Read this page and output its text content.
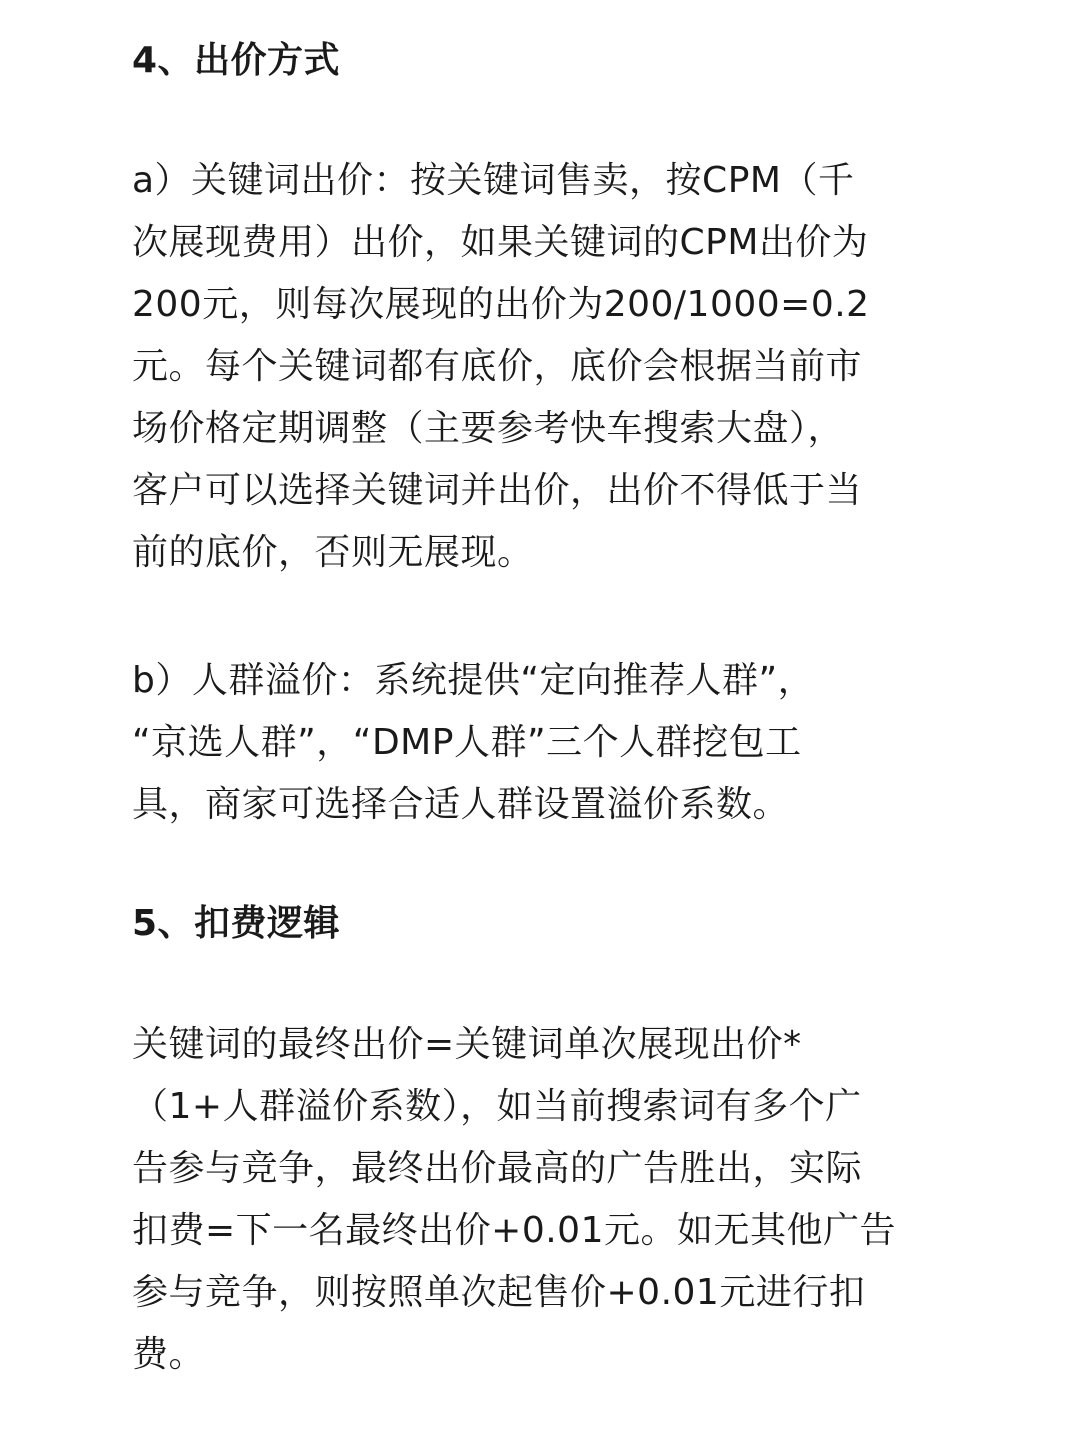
4、出价方式
a）关键词出价：按关键词售卖，按CPM（千
次展现费用）出价，如果关键词的CPM出价为
200元，则每次展现的出价为200/1000=0.2
元。每个关键词都有底价，底价会根据当前市
场价格定期调整（主要参考快车搜索大盘），
客户可以选择关键词并出价，出价不得低于当
前的底价，否则无展现。
b）人群溢价：系统提供“定向推荐人群”，
“京选人群”，“DMP人群”三个人群挖包工
具，商家可选择合适人群设置溢价系数。
5、扣费逻辑
关键词的最终出价=关键词单次展现出价*
（1+人群溢价系数），如当前搜索词有多个广
告参与竞争，最终出价最高的广告胜出，实际
扣费=下一名最终出价+0.01元。如无其他广告
参与竞争，则按照单次起售价+0.01元进行扣
费。
